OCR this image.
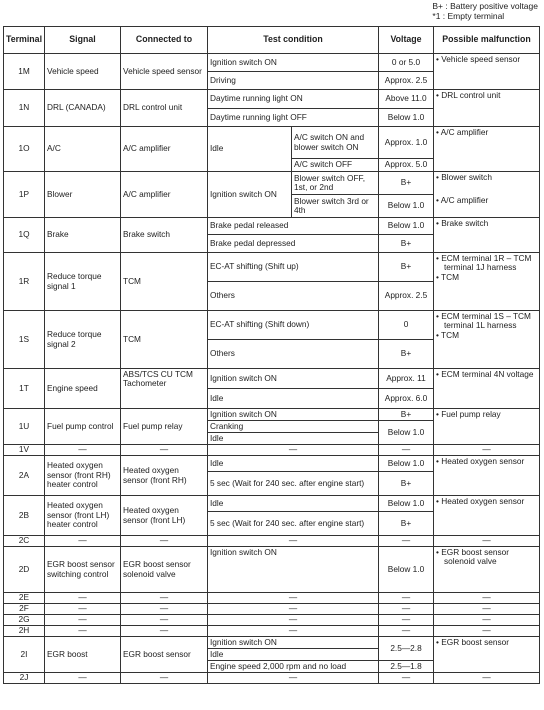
B+ : Battery positive voltage
*1 : Empty terminal
Terminal	Signal	Connected to	Test condition		Voltage	Possible malfunction
1M	Vehicle speed	Vehicle speed sensor	Ignition switch ON		0 or 5.0	• Vehicle speed sensor
			Driving		Approx. 2.5	
1N	DRL (CANADA)	DRL control unit	Daytime running light ON		Above 11.0	• DRL control unit
			Daytime running light OFF		Below 1.0	
1O	A/C	A/C amplifier	Idle	A/C switch ON and blower switch ON	Approx. 1.0	• A/C amplifier
				A/C switch OFF	Approx. 5.0	
1P	Blower	A/C amplifier	Ignition switch ON	Blower switch OFF, 1st, or 2nd	B+	• Blower switch
• A/C amplifier

				Blower switch 3rd or 4th	Below 1.0	
1Q	Brake	Brake switch	Brake pedal released		Below 1.0	• Brake switch
			Brake pedal depressed		B+	
1R	Reduce torque signal 1	TCM	EC-AT shifting (Shift up)		B+	• ECM terminal 1R – TCM terminal 1J harness
• TCM

			Others		Approx. 2.5	
1S	Reduce torque signal 2	TCM	EC-AT shifting (Shift down)		0	• ECM terminal 1S – TCM terminal 1L harness
• TCM

			Others		B+	
1T	Engine speed	ABS/TCS CU TCM Tachometer	Ignition switch ON		Approx. 11	• ECM terminal 4N voltage
			Idle		Approx. 6.0	
1U	Fuel pump control	Fuel pump relay	Ignition switch ON		B+	• Fuel pump relay
			Cranking		Below 1.0	
			Idle			
1V	—	—	—		—	—
2A	Heated oxygen sensor (front RH) heater control	Heated oxygen sensor (front RH)	Idle		Below 1.0	• Heated oxygen sensor
			5 sec (Wait for 240 sec. after engine start)		B+	
2B	Heated oxygen sensor (front LH) heater control	Heated oxygen sensor (front LH)	Idle		Below 1.0	• Heated oxygen sensor
			5 sec (Wait for 240 sec. after engine start)		B+	
2C	—	—	—		—	—
2D	EGR boost sensor switching control	EGR boost sensor solenoid valve	Ignition switch ON		Below 1.0	• EGR boost sensor solenoid valve
2E	—	—	—		—	—
2F	—	—	—		—	—
2G	—	—	—		—	—
2H	—	—	—		—	—
2I	EGR boost	EGR boost sensor	Ignition switch ON		2.5—2.8	• EGR boost sensor
			Idle			
			Engine speed 2,000 rpm and no load		2.5—1.8	
2J	—	—	—		—	—
